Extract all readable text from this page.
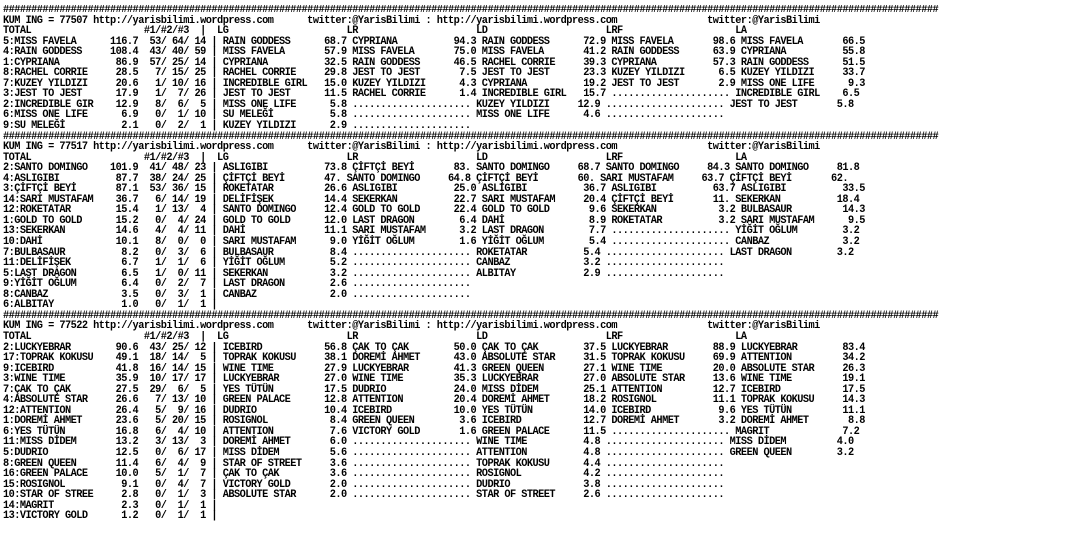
######################################################################################################################################################################
KUM ING = 77507 http://yarisbilimi.wordpress.com      twitter:@YarisBilimi : http://yarisbilimi.wordpress.com                twitter:@YarisBilimi
TOTAL                    #1/#2/#3  |  LG                     LR                     LD                     LRF                    LA
5:MISS FAVELA      116.7  53/ 64/ 14 | RAIN GODDESS      68.7 CYPRIANA          94.3 RAIN GODDESS      72.9 MISS FAVELA       98.6 MISS FAVELA       66.5
4:RAIN GODDESS     108.4  43/ 40/ 59 | MISS FAVELA       57.9 MISS FAVELA       75.0 MISS FAVELA       41.2 RAIN GODDESS      63.9 CYPRIANA          55.8
1:CYPRIANA          86.9  57/ 25/ 14 | CYPRIANA          32.5 RAIN GODDESS      46.5 RACHEL CORRIE     39.3 CYPRIANA          57.3 RAIN GODDESS      51.5
8:RACHEL CORRIE     28.5   7/ 15/ 25 | RACHEL CORRIE     29.8 JEST TO JEST       7.5 JEST TO JEST      23.3 KUZEY YILDIZI      6.5 KUZEY YILDIZI     33.7
7:KUZEY YILDIZI     20.6   1/ 10/ 16 | INCREDIBLE GIRL   15.0 KUZEY YILDIZI      4.3 CYPRIANA          19.2 JEST TO JEST       2.9 MISS ONE LIFE      9.3
3:JEST TO JEST      17.9   1/  7/ 26 | JEST TO JEST      11.5 RACHEL CORRIE      1.4 INCREDIBLE GIRL   15.7 ..................... INCREDIBLE GIRL    6.5
2:INCREDIBLE GIR    12.9   8/  6/  5 | MISS ONE LIFE      5.8 ..................... KUZEY YILDIZI     12.9 ..................... JEST TO JEST       5.8
6:MISS ONE LIFE      6.9   0/  1/ 10 | SU MELEĞİ          5.8 ..................... MISS ONE LIFE      4.6 .....................
9:SU MELEĞİ          2.1   0/  2/  1 | KUZEY YILDIZI      2.9 .....................
######################################################################################################################################################################
KUM ING = 77517 http://yarisbilimi.wordpress.com      twitter:@YarisBilimi : http://yarisbilimi.wordpress.com                twitter:@YarisBilimi
TOTAL                    #1/#2/#3  |  LG                     LR                     LD                     LRF                    LA
2:SANTO DOMINGO    101.9  41/ 48/ 23 | ASLIGIBI          73.8 ÇİFTÇİ BEYİ       83. SANTO DOMINGO     68.7 SANTO DOMINGO     84.3 SANTO DOMINGO     81.8
4:ASLIGIBI          87.7  38/ 24/ 25 | ÇİFTÇİ BEYİ       47. SANTO DOMINGO     64.8 ÇİFTÇİ BEYİ       60. SARI MUSTAFAM     63.7 ÇİFTÇİ BEYİ       62.
3:ÇİFTÇİ BEYİ       87.1  53/ 36/ 15 | ROKETATAR         26.6 ASLIGIBI          25.0 ASLIGIBI          36.7 ASLIGIBI          63.7 ASLIGIBI          33.5
14:SARI MUSTAFAM    36.7   6/ 14/ 19 | DELİFİŞEK         14.4 SEKERKAN          22.7 SARI MUSTAFAM     20.4 ÇİFTÇİ BEYİ       11. SEKERKAN          18.4
12:ROKETATAR        15.4   1/ 13/  4 | SANTO DOMINGO     12.4 GOLD TO GOLD      22.4 GOLD TO GOLD       9.6 SEKERKAN           3.2 BULBASAUR         14.3
1:GOLD TO GOLD      15.2   0/  4/ 24 | GOLD TO GOLD      12.0 LAST DRAGON        6.4 DAHİ               8.9 ROKETATAR          3.2 SARI MUSTAFAM      9.5
13:SEKERKAN         14.6   4/  4/ 11 | DAHİ              11.1 SARI MUSTAFAM      3.2 LAST DRAGON        7.7 ..................... YİĞİT OĞLUM        3.2
10:DAHİ             10.1   8/  0/  0 | SARI MUSTAFAM      9.0 YİĞİT OĞLUM        1.6 YİĞİT OĞLUM        5.4 ..................... CANBAZ             3.2
7:BULBASAUR          8.2   0/  3/  6 | BULBASAUR          8.4 ..................... ROKETATAR          5.4 ..................... LAST DRAGON        3.2
11:DELİFİŞEK         6.7   1/  1/  6 | YİĞİT OĞLUM        5.2 ..................... CANBAZ             3.2 .....................
5:LAST DRAGON        6.5   1/  0/ 11 | SEKERKAN           3.2 ..................... ALBITAY            2.9 .....................
9:YİĞİT OĞLUM        6.4   0/  2/  7 | LAST DRAGON        2.6 .....................
8:CANBAZ             3.5   0/  3/  1 | CANBAZ             2.0 .....................
6:ALBITAY            1.0   0/  1/  1 |
######################################################################################################################################################################
KUM ING = 77522 http://yarisbilimi.wordpress.com      twitter:@YarisBilimi : http://yarisbilimi.wordpress.com                twitter:@YarisBilimi
TOTAL                    #1/#2/#3  |  LG                     LR                     LD                     LRF                    LA
2:LUCKYEBRAR        90.6  43/ 25/ 12 | ICEBIRD           56.8 ÇAK TO ÇAK        50.0 ÇAK TO ÇAK        37.5 LUCKYEBRAR        88.9 LUCKYEBRAR        83.4
17:TOPRAK KOKUSU    49.1  18/ 14/  5 | TOPRAK KOKUSU     38.1 DOREMİ AHMET      43.0 ABSOLUTE STAR     31.5 TOPRAK KOKUSU     69.9 ATTENTION         34.2
9:ICEBIRD           41.8  16/ 14/ 15 | WINE TIME         27.9 LUCKYEBRAR        41.3 GREEN QUEEN       27.1 WINE TIME         20.0 ABSOLUTE STAR     26.3
3:WINE TIME         35.9  10/ 17/ 17 | LUCKYEBRAR        27.0 WINE TIME         35.3 LUCKYEBRAR        27.0 ABSOLUTE STAR     13.6 WINE TIME         19.1
7:ÇAK TO ÇAK        27.5  29/  6/  5 | YES TÜTÜN         17.5 DUDRIO            24.0 MISS DİDEM        25.1 ATTENTION         12.7 ICEBIRD           17.5
4:ABSOLUTE STAR     26.6   7/ 13/ 10 | GREEN PALACE      12.8 ATTENTION         20.4 DOREMİ AHMET      18.2 ROSIGNOL          11.1 TOPRAK KOKUSU     14.3
12:ATTENTION        26.4   5/  9/ 16 | DUDRIO            10.4 ICEBIRD           10.0 YES TÜTÜN         14.0 ICEBIRD            9.6 YES TÜTÜN         11.1
1:DOREMİ AHMET      23.6   5/ 20/ 15 | ROSIGNOL           8.4 GREEN QUEEN        3.6 ICEBIRD           12.7 DOREMİ AHMET       3.2 DOREMİ AHMET       8.8
6:YES TÜTÜN         16.8   6/  4/ 10 | ATTENTION          7.6 VICTORY GOLD       1.6 GREEN PALACE      11.5 ..................... MAGRIT             7.2
11:MISS DİDEM       13.2   3/ 13/  3 | DOREMİ AHMET       6.0 ..................... WINE TIME          4.8 ..................... MISS DİDEM         4.0
5:DUDRIO            12.5   0/  6/ 17 | MISS DİDEM         5.6 ..................... ATTENTION          4.8 ..................... GREEN QUEEN        3.2
8:GREEN QUEEN       11.4   6/  4/  9 | STAR OF STREET     3.6 ..................... TOPRAK KOKUSU      4.4 .....................
16:GREEN PALACE     10.0   5/  1/  7 | ÇAK TO ÇAK         3.6 ..................... ROSIGNOL           4.2 .....................
15:ROSIGNOL          9.1   0/  4/  7 | VICTORY GOLD       2.0 ..................... DUDRIO             3.8 .....................
10:STAR OF STREE     2.8   0/  1/  3 | ABSOLUTE STAR      2.0 ..................... STAR OF STREET     2.6 .....................
14:MAGRIT            2.3   0/  1/  1 |
13:VICTORY GOLD      1.2   0/  1/  1 |
